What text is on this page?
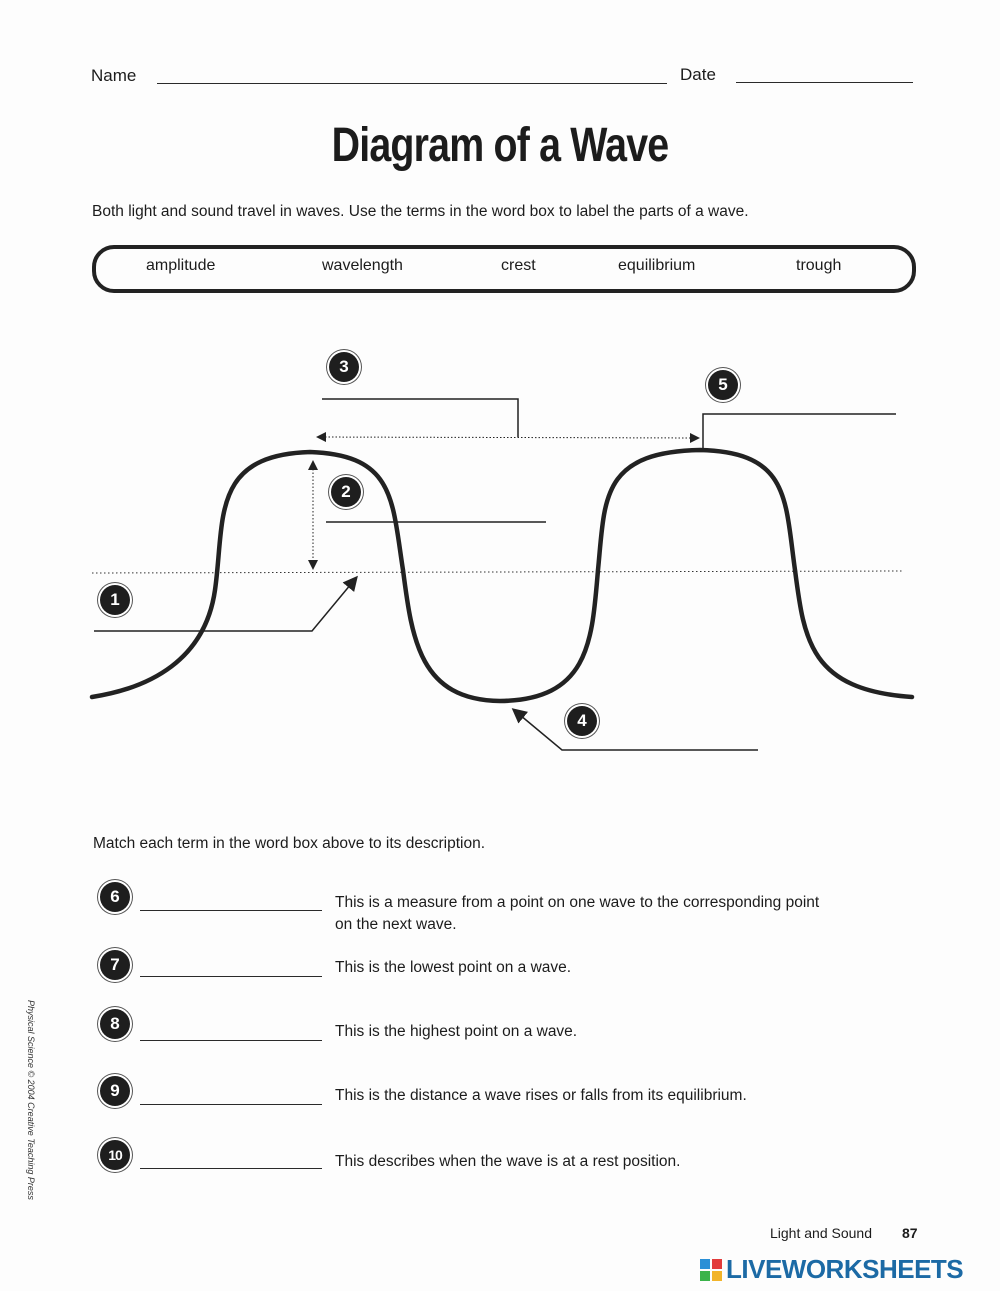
Name	Date
Diagram of a Wave
Both light and sound travel in waves. Use the terms in the word box to label the parts of a wave.
amplitude	wavelength	crest	equilibrium	trough
1
2
3
4
5
Match each term in the word box above to its description.
6	This is a measure from a point on one wave to the corresponding point
on the next wave.
7	This is the lowest point on a wave.
8	This is the highest point on a wave.
9	This is the distance a wave rises or falls from its equilibrium.
10	This describes when the wave is at a rest position.
Physical Science © 2004 Creative Teaching Press
Light and Sound 87
LIVEWORKSHEETS
